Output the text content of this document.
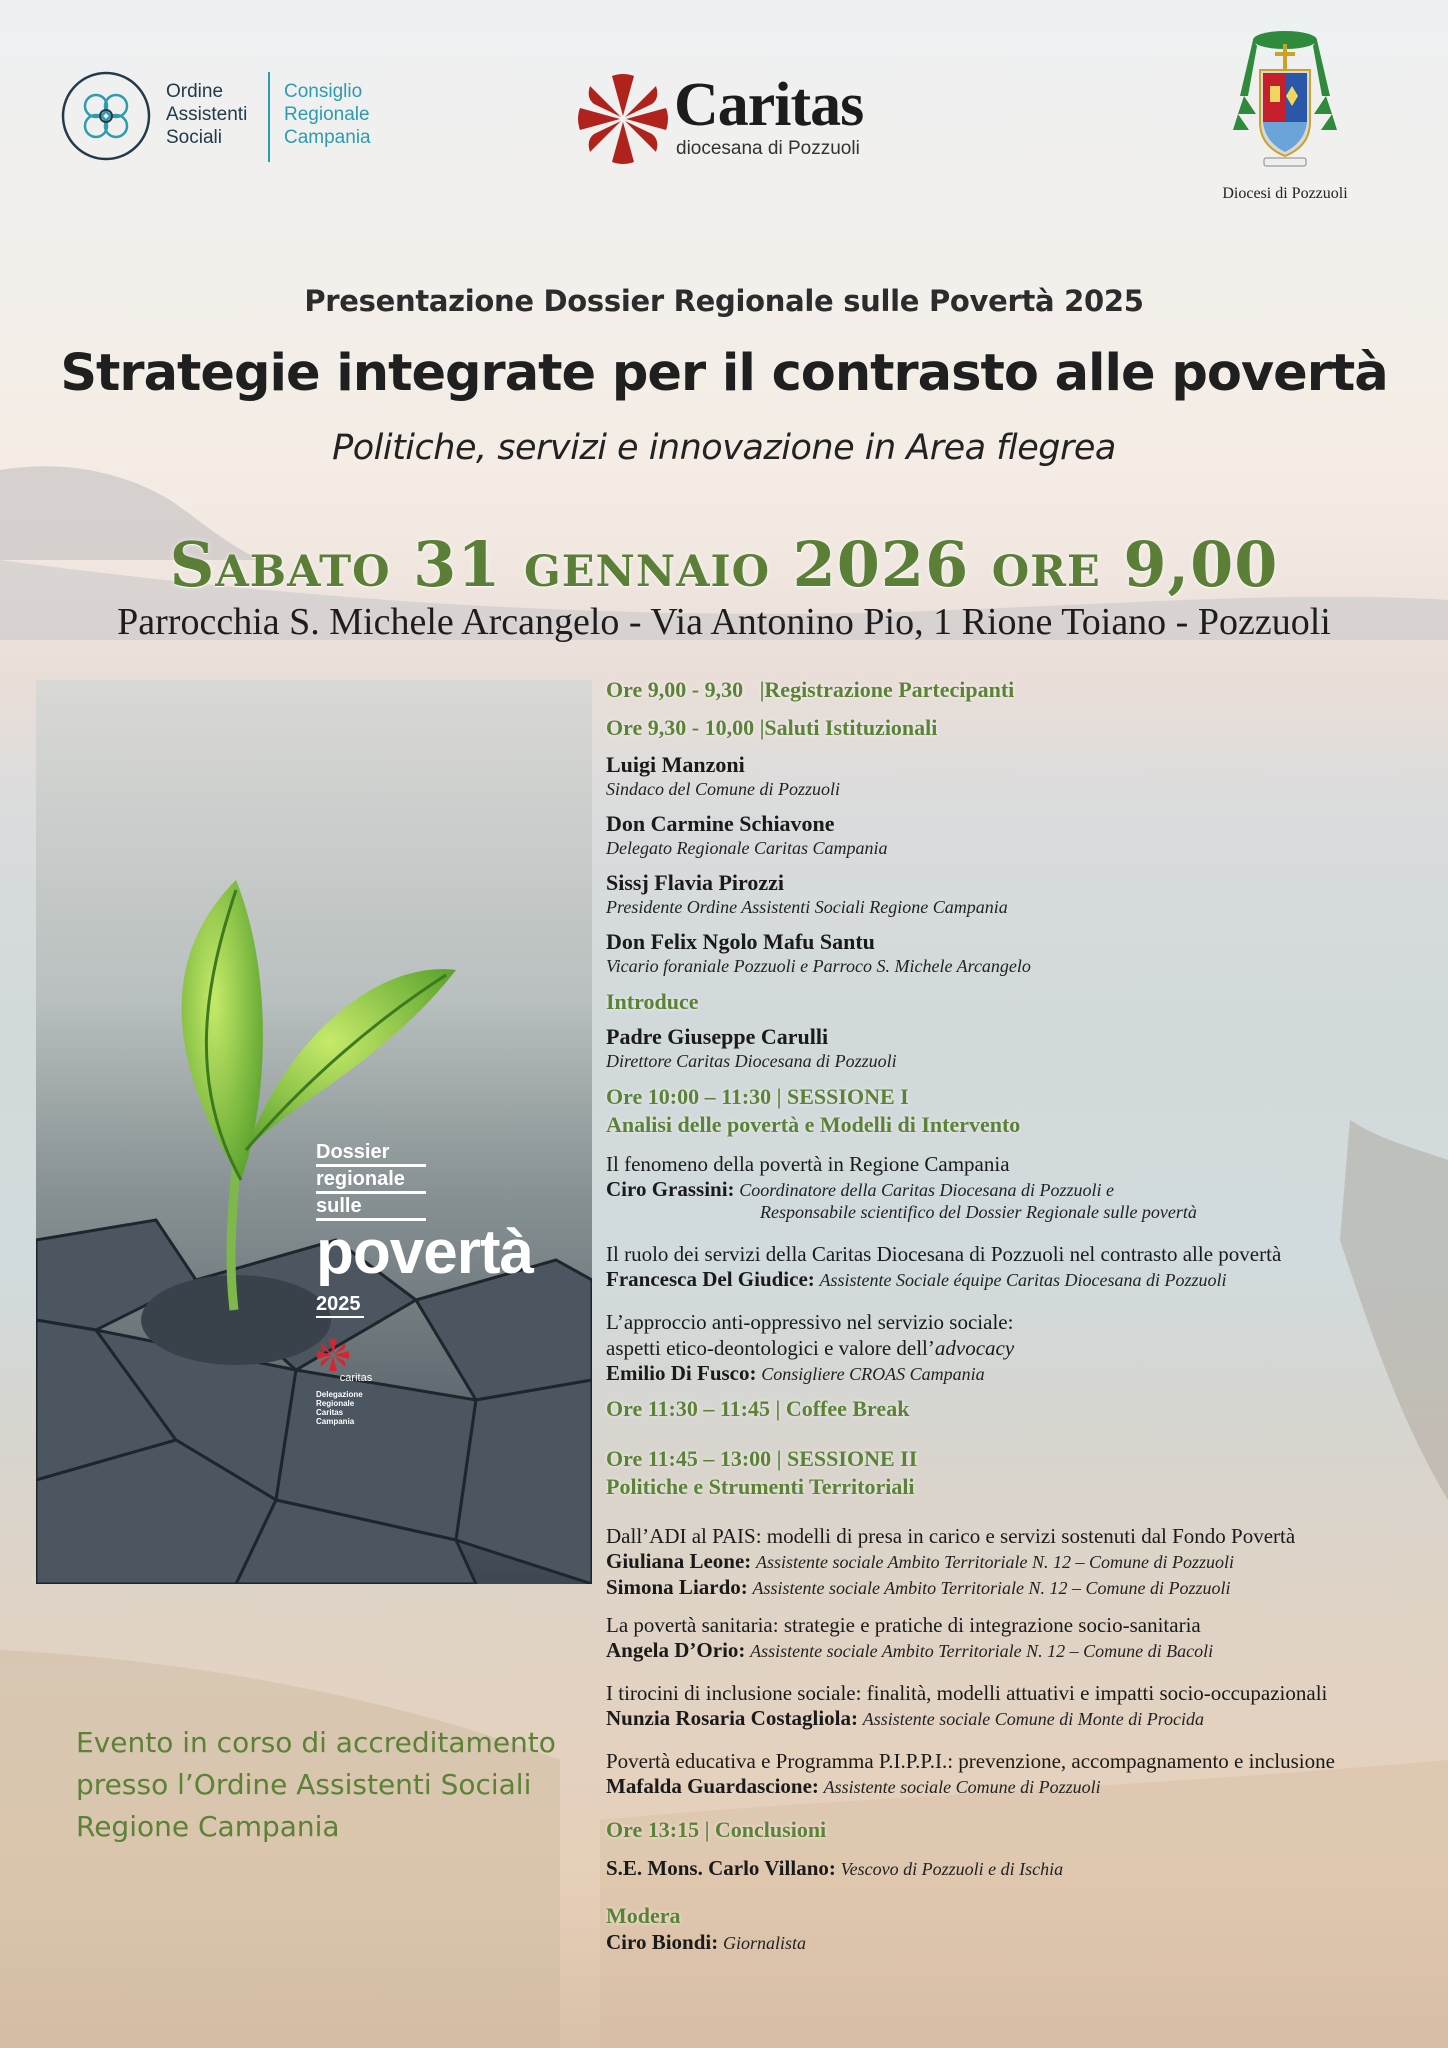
Ordine
Assistenti
Sociali
Consiglio
Regionale
Campania	Caritas
diocesana di Pozzuoli
Diocesi di Pozzuoli
Presentazione Dossier Regionale sulle Povertà 2025
Strategie integrate per il contrasto alle povertà
Politiche, servizi e innovazione in Area flegrea
Sabato 31 gennaio 2026 ore 9,00
Parrocchia S. Michele Arcangelo - Via Antonino Pio, 1 Rione Toiano - Pozzuoli
Dossier
regionale
sulle
povertà
2025
caritas
Delegazione
Regionale
Caritas
Campania
Ore 9,00 - 9,30   |Registrazione Partecipanti
Ore 9,30 - 10,00 |Saluti Istituzionali
Luigi Manzoni
Sindaco del Comune di Pozzuoli
Don Carmine Schiavone
Delegato Regionale Caritas Campania
Sissj Flavia Pirozzi
Presidente Ordine Assistenti Sociali Regione Campania
Don Felix Ngolo Mafu Santu
Vicario foraniale Pozzuoli e Parroco S. Michele Arcangelo
Introduce
Padre Giuseppe Carulli
Direttore Caritas Diocesana di Pozzuoli
Ore 10:00 – 11:30 | SESSIONE I
Analisi delle povertà e Modelli di Intervento
Il fenomeno della povertà in Regione Campania
Ciro Grassini: Coordinatore della Caritas Diocesana di Pozzuoli e
Responsabile scientifico del Dossier Regionale sulle povertà
Il ruolo dei servizi della Caritas Diocesana di Pozzuoli nel contrasto alle povertà
Francesca Del Giudice: Assistente Sociale équipe Caritas Diocesana di Pozzuoli
L’approccio anti-oppressivo nel servizio sociale:
aspetti etico-deontologici e valore dell’advocacy
Emilio Di Fusco: Consigliere CROAS Campania
Ore 11:30 – 11:45 | Coffee Break
Ore 11:45 – 13:00 | SESSIONE II
Politiche e Strumenti Territoriali
Dall’ADI al PAIS: modelli di presa in carico e servizi sostenuti dal Fondo Povertà
Giuliana Leone: Assistente sociale Ambito Territoriale N. 12 – Comune di Pozzuoli
Simona Liardo: Assistente sociale Ambito Territoriale N. 12 – Comune di Pozzuoli
La povertà sanitaria: strategie e pratiche di integrazione socio-sanitaria
Angela D’Orio: Assistente sociale Ambito Territoriale N. 12 – Comune di Bacoli
I tirocini di inclusione sociale: finalità, modelli attuativi e impatti socio-occupazionali
Nunzia Rosaria Costagliola: Assistente sociale Comune di Monte di Procida
Povertà educativa e Programma P.I.P.P.I.: prevenzione, accompagnamento e inclusione
Mafalda Guardascione: Assistente sociale Comune di Pozzuoli
Ore 13:15 | Conclusioni
S.E. Mons. Carlo Villano: Vescovo di Pozzuoli e di Ischia
Modera
Ciro Biondi: Giornalista
Evento in corso di accreditamento
presso l’Ordine Assistenti Sociali
Regione Campania
